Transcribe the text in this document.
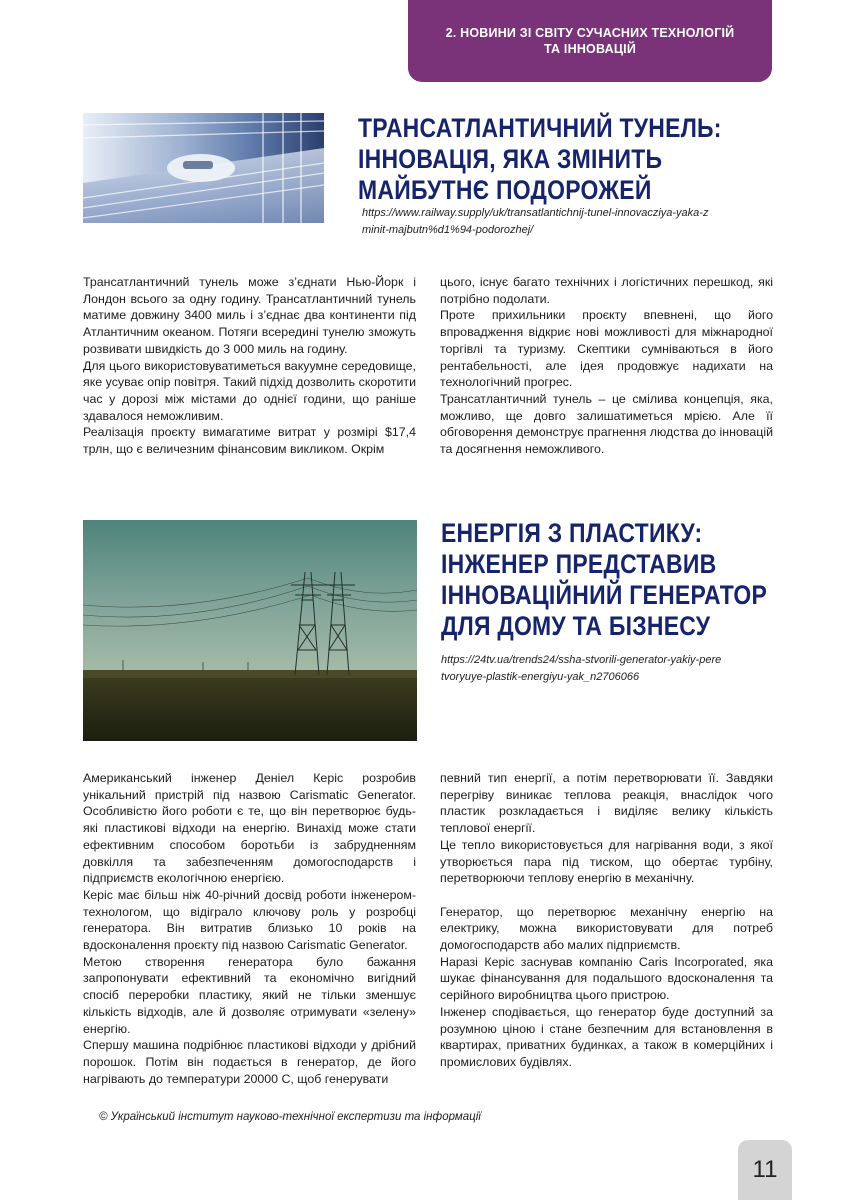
2. НОВИНИ ЗІ СВІТУ СУЧАСНИХ ТЕХНОЛОГІЙ
ТА ІННОВАЦІЙ
ТРАНСАТЛАНТИЧНИЙ ТУНЕЛЬ:
ІННОВАЦІЯ, ЯКА ЗМІНИТЬ
МАЙБУТНЄ ПОДОРОЖЕЙ
https://www.railway.supply/uk/transatlantichnij-tunel-innovacziya-yaka-z
minit-majbutn%d1%94-podorozhej/

Трансатлантичний тунель може з’єднати Нью-Йорк і Лондон всього за одну годину. Трансатлантичний тунель матиме довжину 3400 миль і з’єднає два континенти під Атлантичним океаном. Потяги всередині тунелю зможуть розвивати швидкість до 3 000 миль на годину.

Для цього використовуватиметься вакуумне середовище, яке усуває опір повітря. Такий підхід дозволить скоротити час у дорозі між містами до однієї години, що раніше здавалося неможливим.

Реалізація проєкту вимагатиме витрат у розмірі $17,4 трлн, що є величезним фінансовим викликом. Окрім

цього, існує багато технічних і логістичних перешкод, які потрібно подолати.

Проте прихильники проєкту впевнені, що його впровадження відкриє нові можливості для міжнародної торгівлі та туризму. Скептики сумніваються в його рентабельності, але ідея продовжує надихати на технологічний прогрес.

Трансатлантичний тунель – це смілива концепція, яка, можливо, ще довго залишатиметься мрією. Але її обговорення демонструє прагнення людства до інновацій та досягнення неможливого.

ЕНЕРГІЯ З ПЛАСТИКУ:
ІНЖЕНЕР ПРЕДСТАВИВ
ІННОВАЦІЙНИЙ ГЕНЕРАТОР
ДЛЯ ДОМУ ТА БІЗНЕСУ
https://24tv.ua/trends24/ssha-stvorili-generator-yakiy-pere
tvoryuye-plastik-energiyu-yak_n2706066

Американський інженер Деніел Керіс розробив унікальний пристрій під назвою Carismatic Generator. Особливістю його роботи є те, що він перетворює будь-які пластикові відходи на енергію. Винахід може стати ефективним способом боротьби із забрудненням довкілля та забезпеченням домогосподарств і підприємств екологічною енергією.

Керіс має більш ніж 40-річний досвід роботи інженером-технологом, що відіграло ключову роль у розробці генератора. Він витратив близько 10 років на вдосконалення проєкту під назвою Carismatic Generator.

Метою створення генератора було бажання запропонувати ефективний та економічно вигідний спосіб переробки пластику, який не тільки зменшує кількість відходів, але й дозволяє отримувати «зелену» енергію.

Спершу машина подрібнює пластикові відходи у дрібний порошок. Потім він подається в генератор, де його нагрівають до температури 20000 С, щоб генерувати

певний тип енергії, а потім перетворювати її. Завдяки перегріву виникає теплова реакція, внаслідок чого пластик розкладається і виділяє велику кількість теплової енергії.

Це тепло використовується для нагрівання води, з якої утворюється пара під тиском, що обертає турбіну, перетворюючи теплову енергію в механічну.

Генератор, що перетворює механічну енергію на електрику, можна використовувати для потреб домогосподарств або малих підприємств.

Наразі Керіс заснував компанію Caris Incorporated, яка шукає фінансування для подальшого вдосконалення та серійного виробництва цього пристрою.

Інженер сподівається, що генератор буде доступний за розумною ціною і стане безпечним для встановлення в квартирах, приватних будинках, а також в комерційних і промислових будівлях.

© Український інститут науково-технічної експертизи та інформації
11
